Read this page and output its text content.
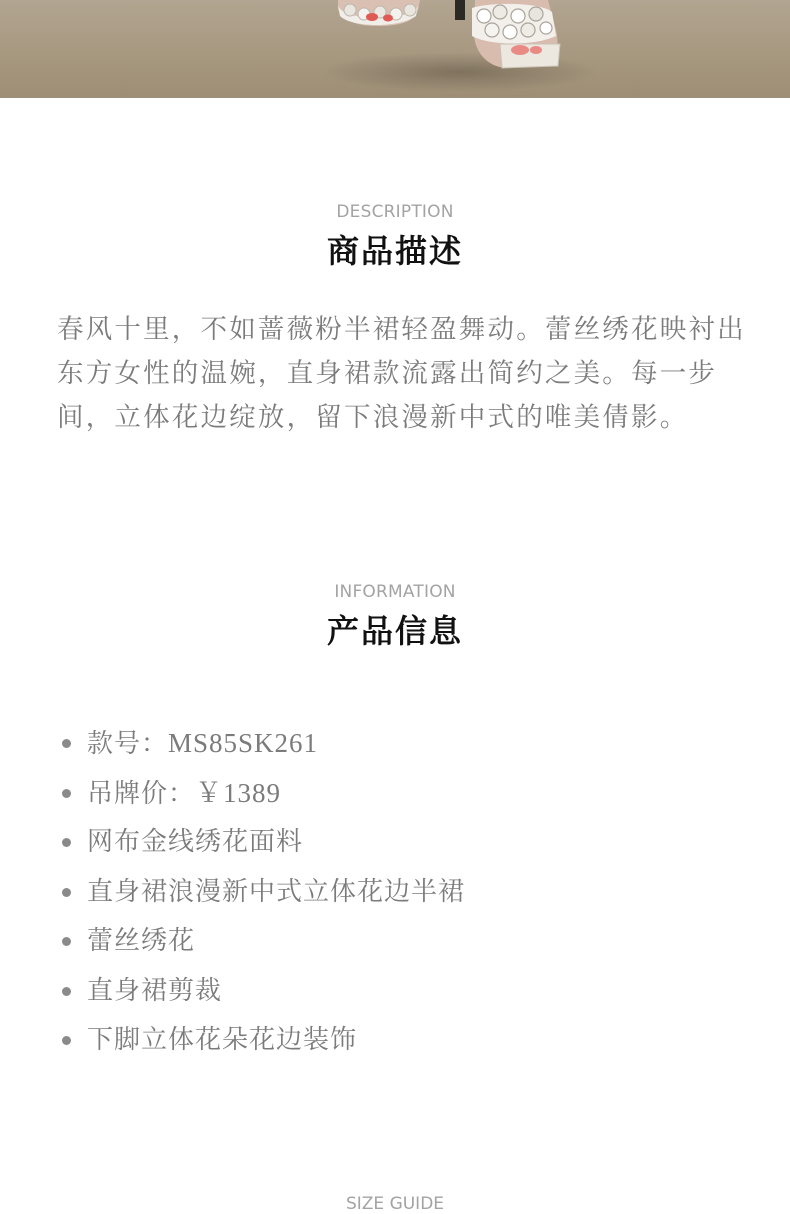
DESCRIPTION
商品描述

春风十里，不如蔷薇粉半裙轻盈舞动。蕾丝绣花映衬出东方女性的温婉，直身裙款流露出简约之美。每一步间，立体花边绽放，留下浪漫新中式的唯美倩影。

INFORMATION
产品信息
款号：MS85SK261
吊牌价：￥1389
网布金线绣花面料
直身裙浪漫新中式立体花边半裙
蕾丝绣花
直身裙剪裁
下脚立体花朵花边装饰
SIZE GUIDE
